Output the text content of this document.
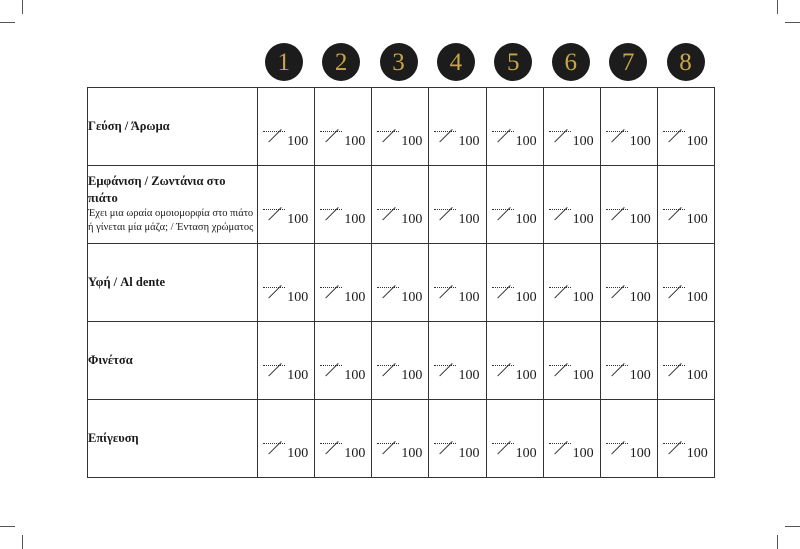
1	2	3	4	5	6	7	8
Γεύση / Άρωμα	100	100	100	100	100	100	100	100

Εμφάνιση / Ζωντάνια στο πιάτο
Έχει μια ωραία ομοιομορφία στο πιάτο ή γίνεται μία μάζα; / Ένταση χρώματος	100	100	100	100	100	100	100	100

Υφή / Al dente	100	100	100	100	100	100	100	100

Φινέτσα	100	100	100	100	100	100	100	100

Επίγευση	100	100	100	100	100	100	100	100
